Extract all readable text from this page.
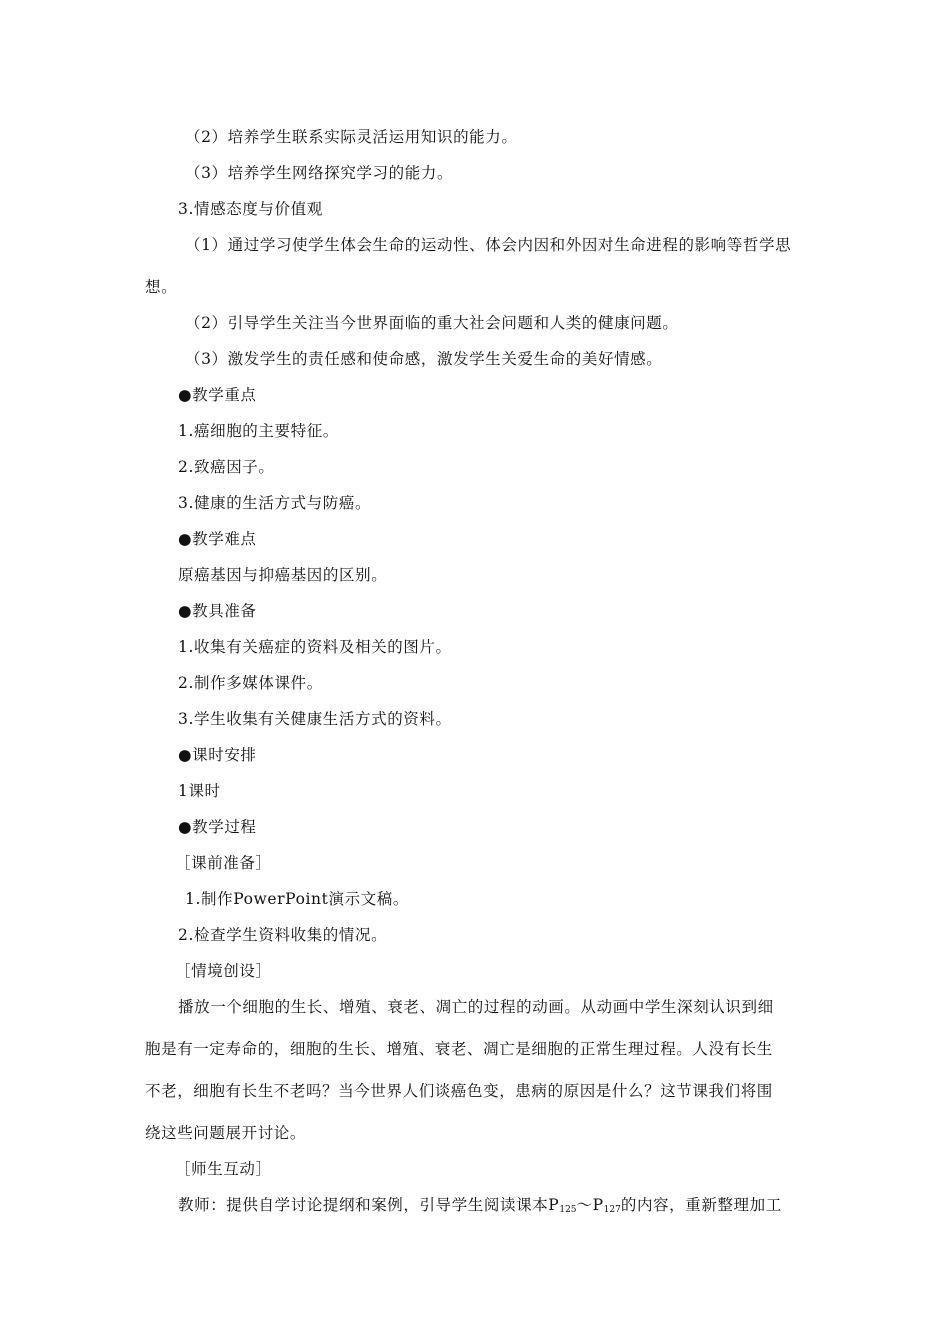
（2）培养学生联系实际灵活运用知识的能力。
（3）培养学生网络探究学习的能力。
3.情感态度与价值观
（1）通过学习使学生体会生命的运动性、体会内因和外因对生命进程的影响等哲学思
想。
（2）引导学生关注当今世界面临的重大社会问题和人类的健康问题。
（3）激发学生的责任感和使命感，激发学生关爱生命的美好情感。
●教学重点
1.癌细胞的主要特征。
2.致癌因子。
3.健康的生活方式与防癌。
●教学难点
原癌基因与抑癌基因的区别。
●教具准备
1.收集有关癌症的资料及相关的图片。
2.制作多媒体课件。
3.学生收集有关健康生活方式的资料。
●课时安排
1课时
●教学过程
［课前准备］
1.制作PowerPoint演示文稿。
2.检查学生资料收集的情况。
［情境创设］
播放一个细胞的生长、增殖、衰老、凋亡的过程的动画。从动画中学生深刻认识到细
胞是有一定寿命的，细胞的生长、增殖、衰老、凋亡是细胞的正常生理过程。人没有长生
不老，细胞有长生不老吗？当今世界人们谈癌色变，患病的原因是什么？这节课我们将围
绕这些问题展开讨论。
［师生互动］
教师：提供自学讨论提纲和案例，引导学生阅读课本$P_{125}\sim P_{127}$的内容，重新整理加工
